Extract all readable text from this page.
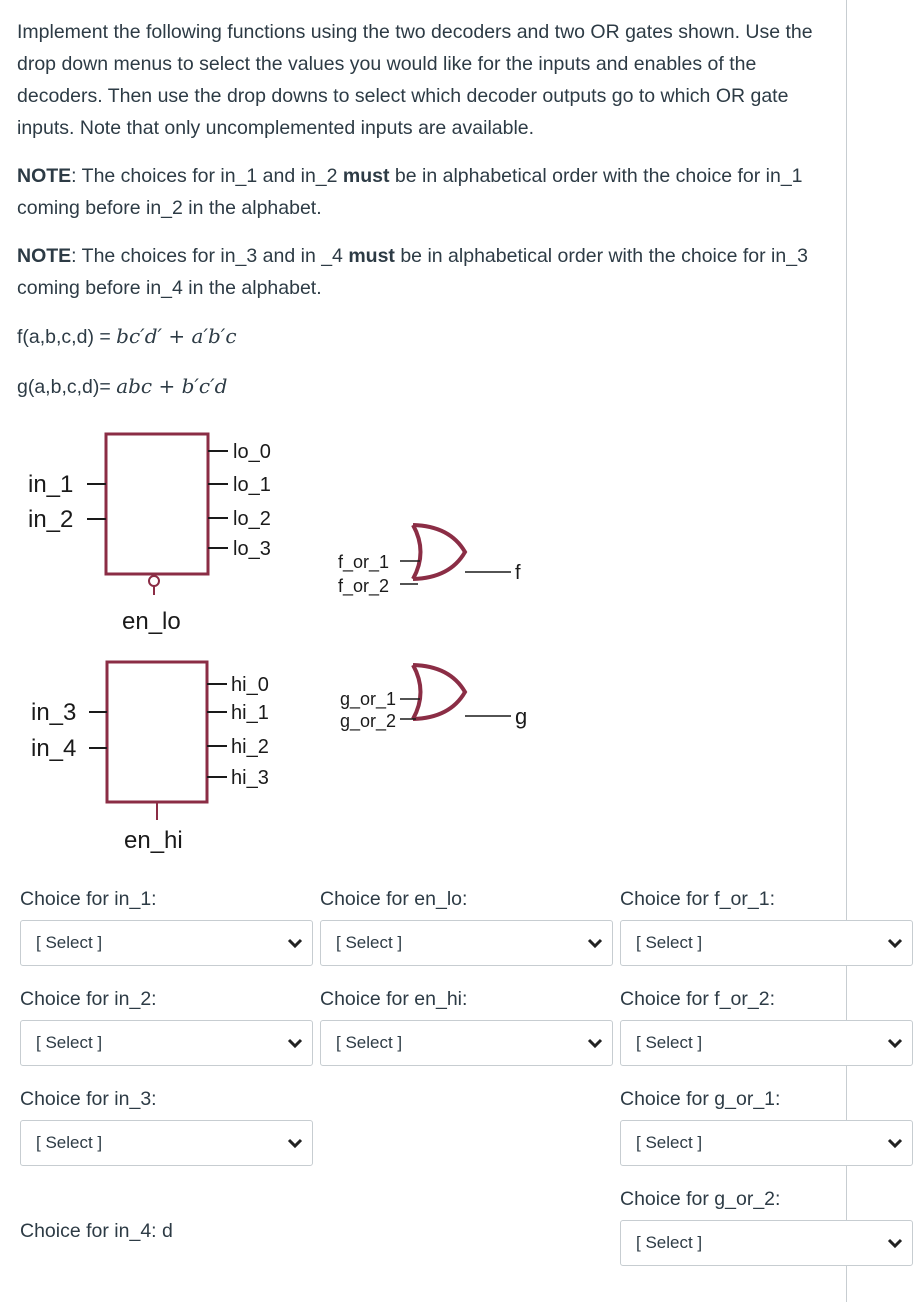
Implement the following functions using the two decoders and two OR gates shown. Use the drop down menus to select the values you would like for the inputs and enables of the decoders. Then use the drop downs to select which decoder outputs go to which OR gate inputs. Note that only uncomplemented inputs are available.

NOTE: The choices for in_1 and in_2 must be in alphabetical order with the choice for in_1 coming before in_2 in the alphabet.

NOTE: The choices for in_3 and in _4 must be in alphabetical order with the choice for in_3 coming before in_4 in the alphabet.

f(a,b,c,d) = bc′d′ + a′b′c
g(a,b,c,d)= abc + b′c′d
in_1
in_2
lo_0
lo_1
lo_2
lo_3
en_lo
in_3
in_4
hi_0
hi_1
hi_2
hi_3
en_hi
f_or_1
f_or_2
f
g_or_1
g_or_2	g
Choice for in_1:
[ Select ]
Choice for in_2:
[ Select ]
Choice for in_3:
[ Select ]
Choice for in_4: d
Choice for en_lo:
[ Select ]
Choice for en_hi:
[ Select ]
Choice for f_or_1:
[ Select ]
Choice for f_or_2:
[ Select ]
Choice for g_or_1:
[ Select ]
Choice for g_or_2:
[ Select ]
